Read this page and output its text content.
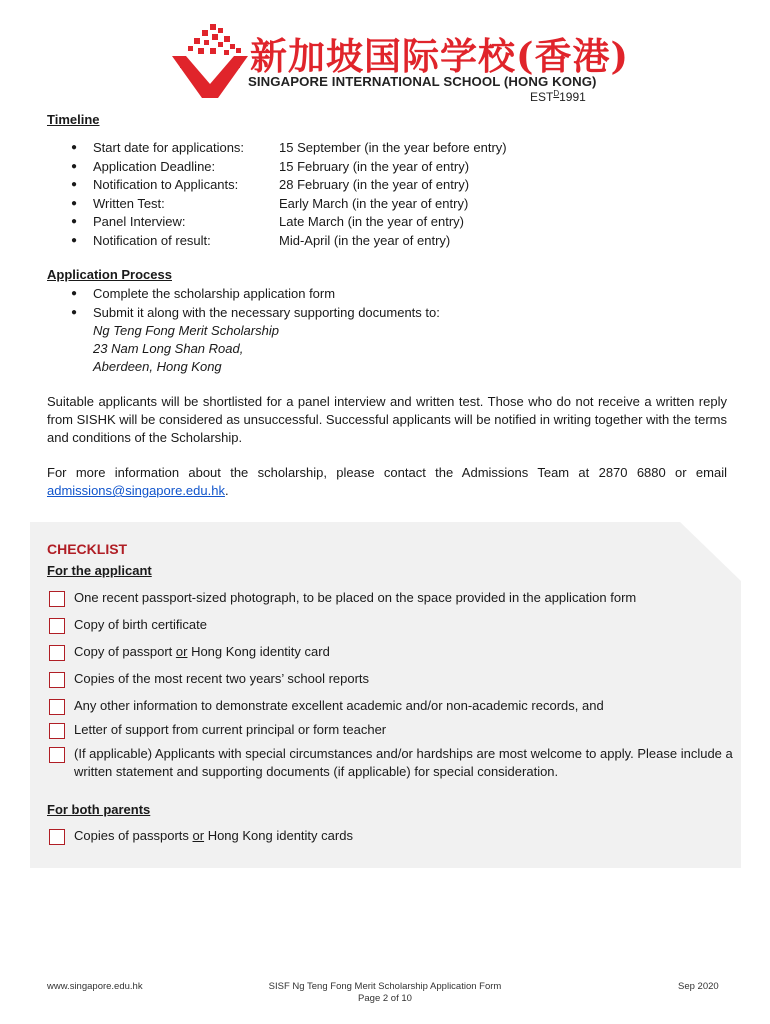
新加坡国际学校(香港)
SINGAPORE INTERNATIONAL SCHOOL (HONG KONG)
$EST^D1991$
Timeline
●	Start date for applications:	15 September (in the year before entry)
●	Application Deadline:	15 February (in the year of entry)
●	Notification to Applicants:	28 February (in the year of entry)
●	Written Test:	Early March (in the year of entry)
●	Panel Interview:	Late March (in the year of entry)
●	Notification of result:	Mid-April (in the year of entry)
Application Process
●	Complete the scholarship application form
●	Submit it along with the necessary supporting documents to:
Ng Teng Fong Merit Scholarship
23 Nam Long Shan Road,
Aberdeen, Hong Kong
Suitable applicants will be shortlisted for a panel interview and written test. Those who do not receive a written reply from SISHK will be considered as unsuccessful. Successful applicants will be notified in writing together with the terms and conditions of the Scholarship.
For more information about the scholarship, please contact the Admissions Team at 2870 6880 or email admissions@singapore.edu.hk.
CHECKLIST
For the applicant
One recent passport-sized photograph, to be placed on the space provided in the application form
Copy of birth certificate
Copy of passport or Hong Kong identity card
Copies of the most recent two years’ school reports
Any other information to demonstrate excellent academic and/or non-academic records, and
Letter of support from current principal or form teacher
(If applicable) Applicants with special circumstances and/or hardships are most welcome to apply. Please include a written statement and supporting documents (if applicable) for special consideration.
For both parents
Copies of passports or Hong Kong identity cards
www.singapore.edu.hk	SISF Ng Teng Fong Merit Scholarship Application Form
Page 2 of 10
Sep 2020
